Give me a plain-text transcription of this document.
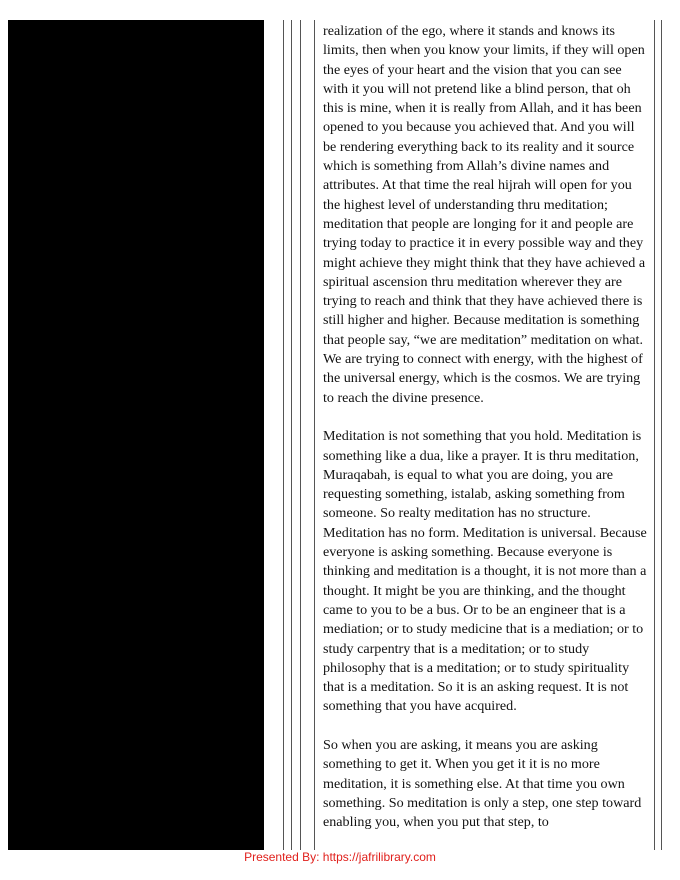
realization of the ego, where it stands and knows its limits, then when you know your limits, if they will open the eyes of your heart and the vision that you can see with it you will not pretend like a blind person, that oh this is mine, when it is really from Allah, and it has been opened to you because you achieved that. And you will be rendering everything back to its reality and it source which is something from Allah’s divine names and attributes. At that time the real hijrah will open for you the highest level of understanding thru meditation; meditation that people are longing for it and people are trying today to practice it in every possible way and they might achieve they might think that they have achieved a spiritual ascension thru meditation wherever they are trying to reach and think that they have achieved there is still higher and higher. Because meditation is something that people say, “we are meditation” meditation on what. We are trying to connect with energy, with the highest of the universal energy, which is the cosmos. We are trying to reach the divine presence.

Meditation is not something that you hold. Meditation is something like a dua, like a prayer. It is thru meditation, Muraqabah, is equal to what you are doing, you are requesting something, istalab, asking something from someone. So realty meditation has no structure. Meditation has no form. Meditation is universal. Because everyone is asking something. Because everyone is thinking and meditation is a thought, it is not more than a thought. It might be you are thinking, and the thought came to you to be a bus. Or to be an engineer that is a mediation; or to study medicine that is a mediation; or to study carpentry that is a meditation; or to study philosophy that is a meditation; or to study spirituality that is a meditation. So it is an asking request. It is not something that you have acquired.

So when you are asking, it means you are asking something to get it. When you get it it is no more meditation, it is something else. At that time you own something. So meditation is only a step, one step toward enabling you, when you put that step, to

Presented By: https://jafrilibrary.com
